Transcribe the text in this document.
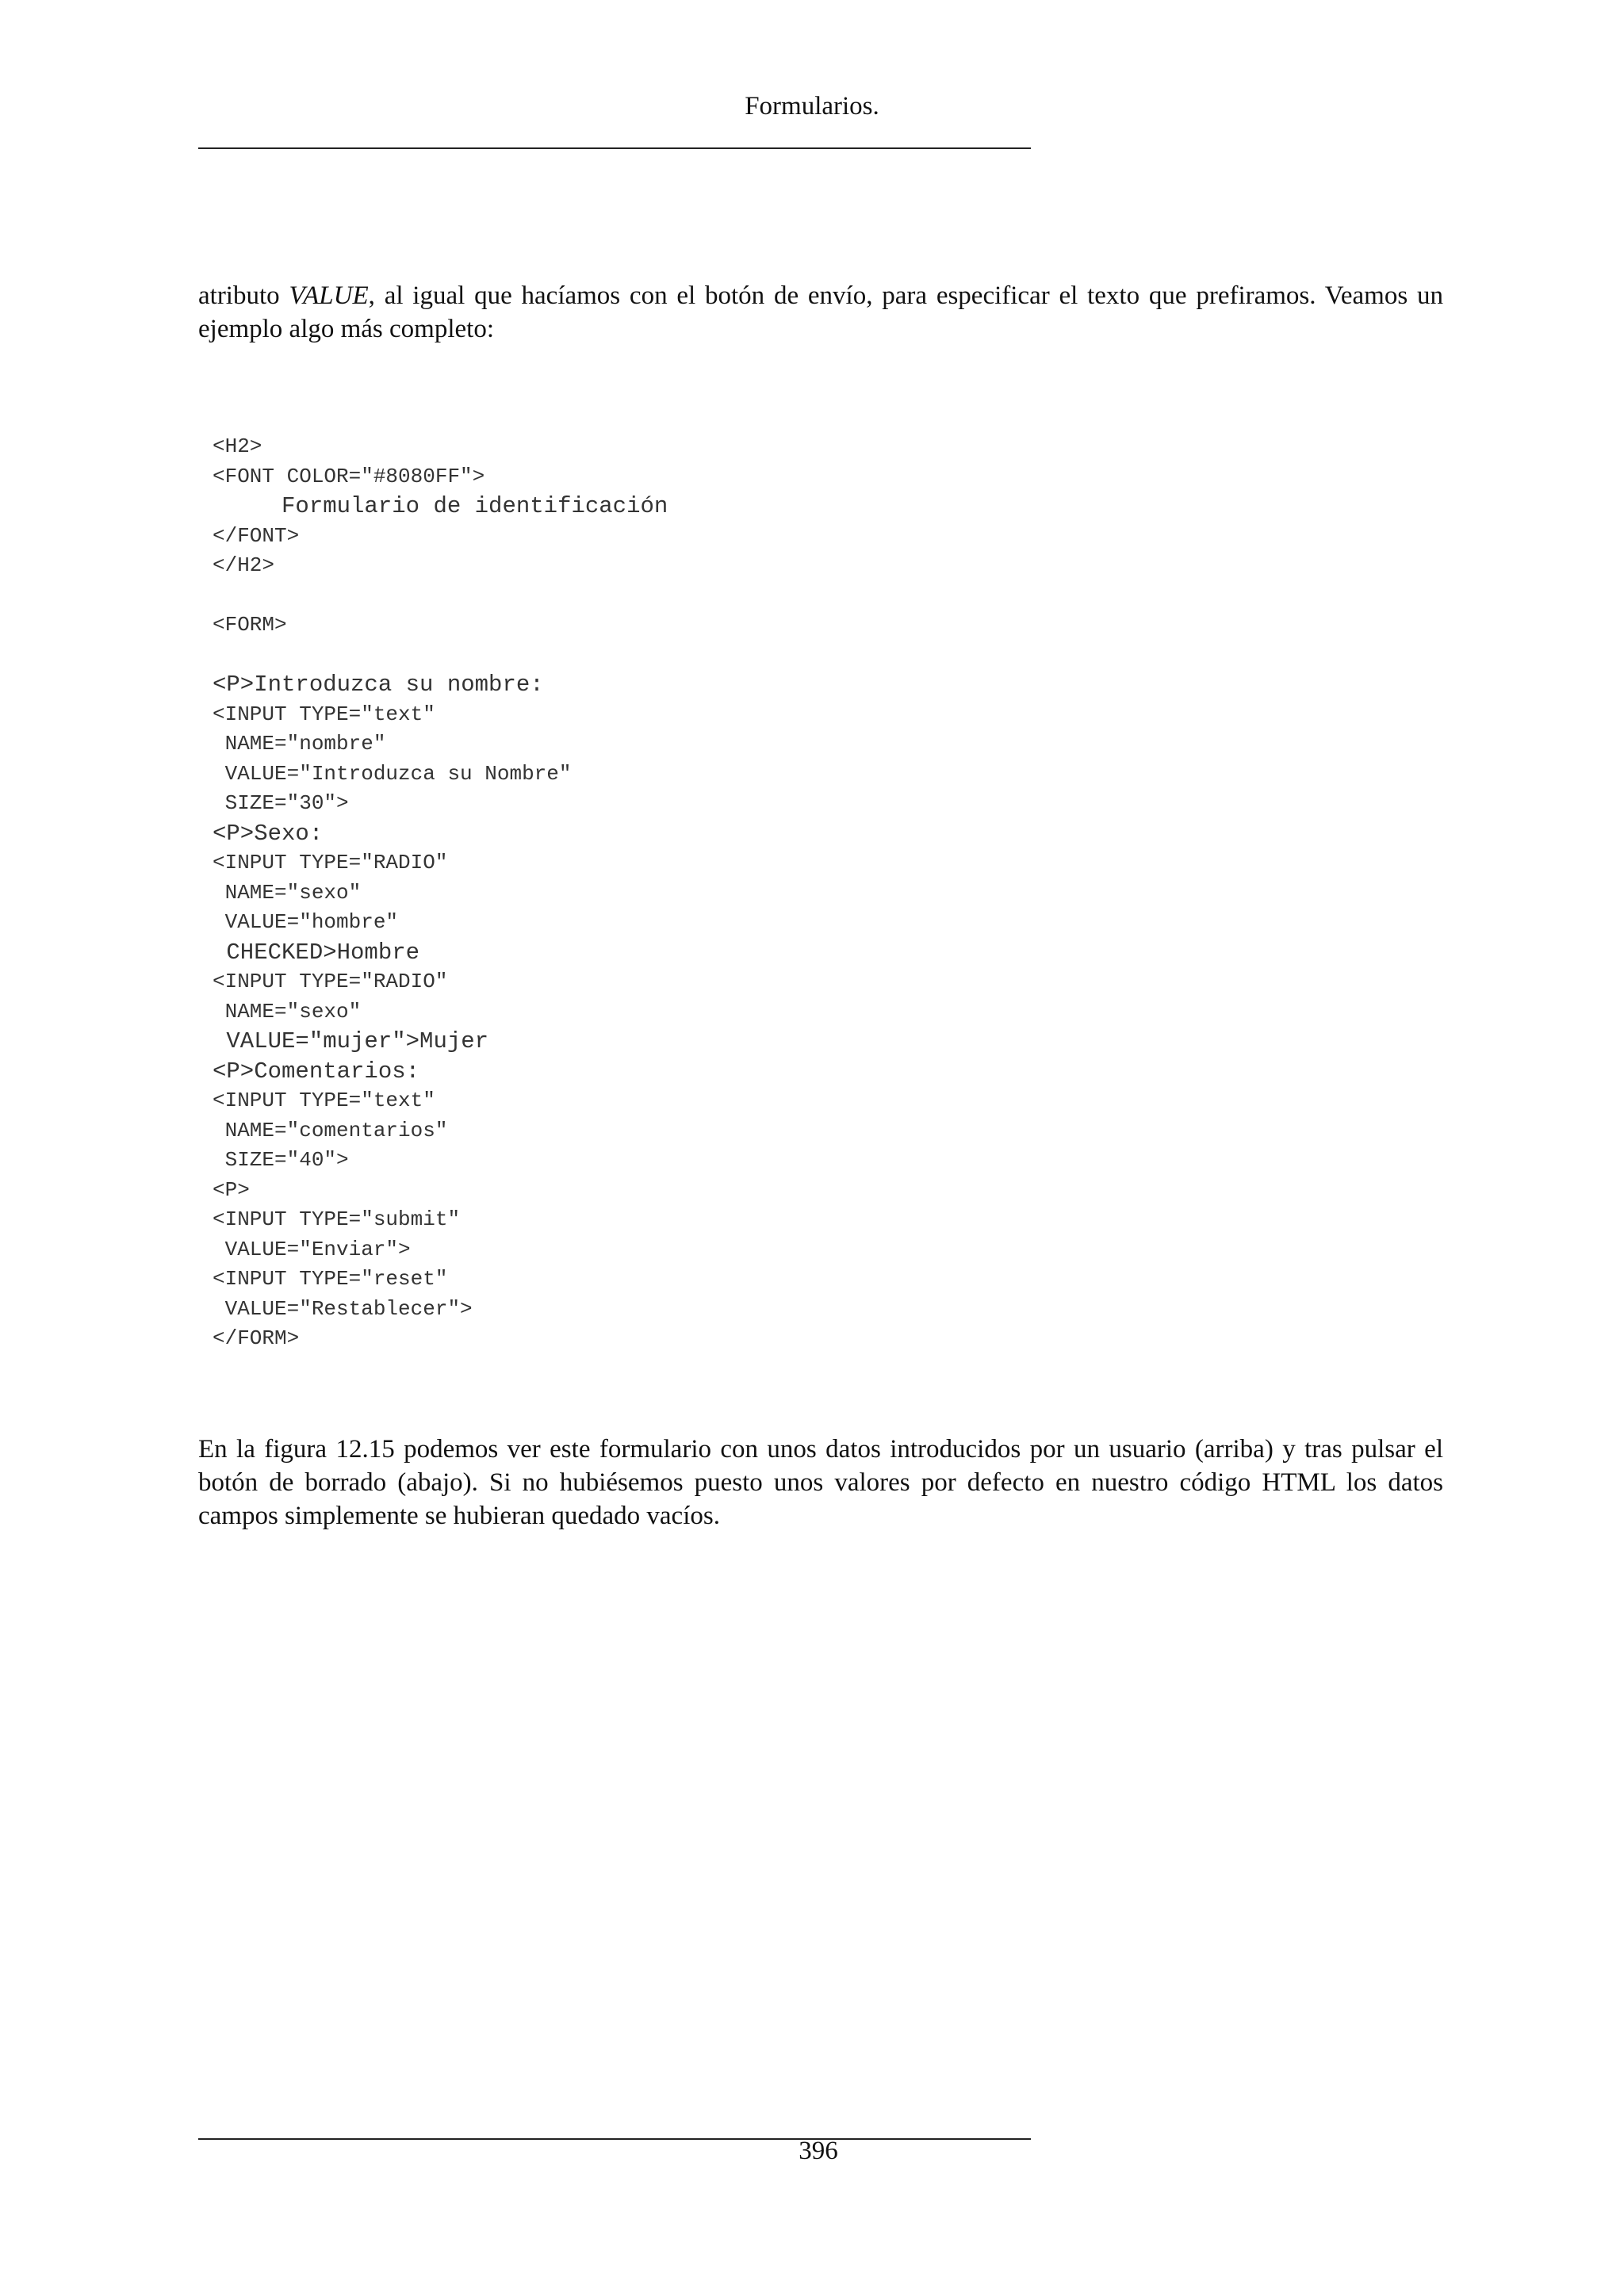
Formularios.

atributo VALUE, al igual que hacíamos con el botón de envío, para especificar el texto que prefiramos. Veamos un ejemplo algo más completo:

<H2>
<FONT COLOR="#8080FF">
Formulario de identificación
</FONT>
</H2>
<FORM>
<P>Introduzca su nombre:
<INPUT TYPE="text"
NAME="nombre"
VALUE="Introduzca su Nombre"
SIZE="30">
<P>Sexo:
<INPUT TYPE="RADIO"
NAME="sexo"
VALUE="hombre"
CHECKED>Hombre
<INPUT TYPE="RADIO"
NAME="sexo"
VALUE="mujer">Mujer
<P>Comentarios:
<INPUT TYPE="text"
NAME="comentarios"
SIZE="40">
<P>
<INPUT TYPE="submit"
VALUE="Enviar">
<INPUT TYPE="reset"
VALUE="Restablecer">
</FORM>

En la figura 12.15 podemos ver este formulario con unos datos introducidos por un usuario (arriba) y tras pulsar el botón de borrado (abajo). Si no hubiésemos puesto unos valores por defecto en nuestro código HTML los datos campos simplemente se hubieran quedado vacíos.

396
